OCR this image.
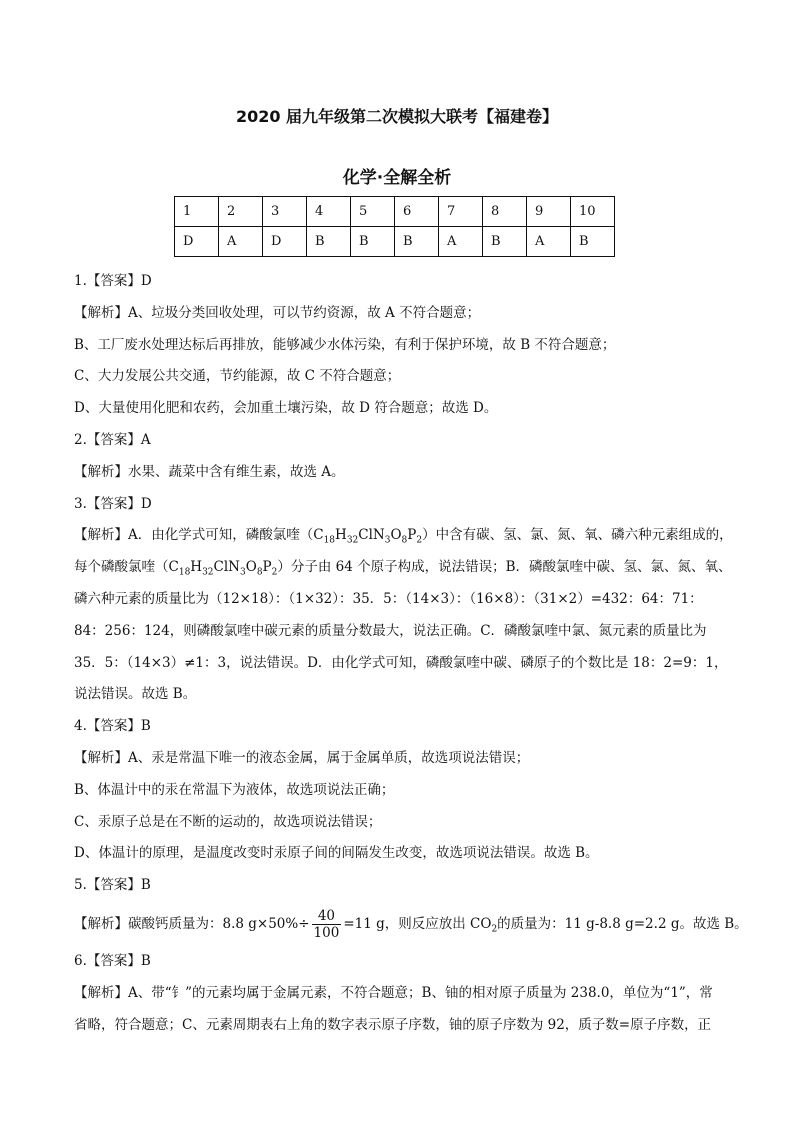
2020 届九年级第二次模拟大联考【福建卷】
化学·全解全析
1	2	3	4	5	6	7	8	9	10
D	A	D	B	B	B	A	B	A	B
1.【答案】D
【解析】A、垃圾分类回收处理，可以节约资源，故 A 不符合题意；
B、工厂废水处理达标后再排放，能够减少水体污染，有利于保护环境，故 B 不符合题意；
C、大力发展公共交通，节约能源，故 C 不符合题意；
D、大量使用化肥和农药，会加重土壤污染，故 D 符合题意；故选 D。
2.【答案】A
【解析】水果、蔬菜中含有维生素，故选 A。
3.【答案】D
【解析】A．由化学式可知，磷酸氯喹$(C_{18}H_{32}ClN_3O_8P_2)$中含有碳、氢、氯、氮、氧、磷六种元素组成的，
每个磷酸氯喹$(C_{18}H_{32}ClN_3O_8P_2)$分子由 64 个原子构成，说法错误；B．磷酸氯喹中碳、氢、氯、氮、氧、
磷六种元素的质量比为（12×18）：（1×32）：35．5：（14×3）：（16×8）：（31×2）=432：64：71：
84：256：124，则磷酸氯喹中碳元素的质量分数最大，说法正确。C．磷酸氯喹中氯、氮元素的质量比为
35．5：（14×3）≠1：3，说法错误。D．由化学式可知，磷酸氯喹中碳、磷原子的个数比是 18：2=9：1，
说法错误。故选 B。
4.【答案】B
【解析】A、汞是常温下唯一的液态金属，属于金属单质，故选项说法错误；
B、体温计中的汞在常温下为液体，故选项说法正确；
C、汞原子总是在不断的运动的，故选项说法错误；
D、体温计的原理，是温度改变时汞原子间的间隔发生改变，故选项说法错误。故选 B。
5.【答案】B
【解析】碳酸钙质量为：8.8 $g\times 50\%\div \frac{40}{100} =11$ g，则反应放出 $CO_2$的质量为：11 g-8.8 g=2.2 g。故选 B。
6.【答案】B
【解析】A、带“钅”的元素均属于金属元素，不符合题意；B、铀的相对原子质量为 238.0，单位为“1”，常
省略，符合题意；C、元素周期表右上角的数字表示原子序数，铀的原子序数为 92，质子数=原子序数，正
